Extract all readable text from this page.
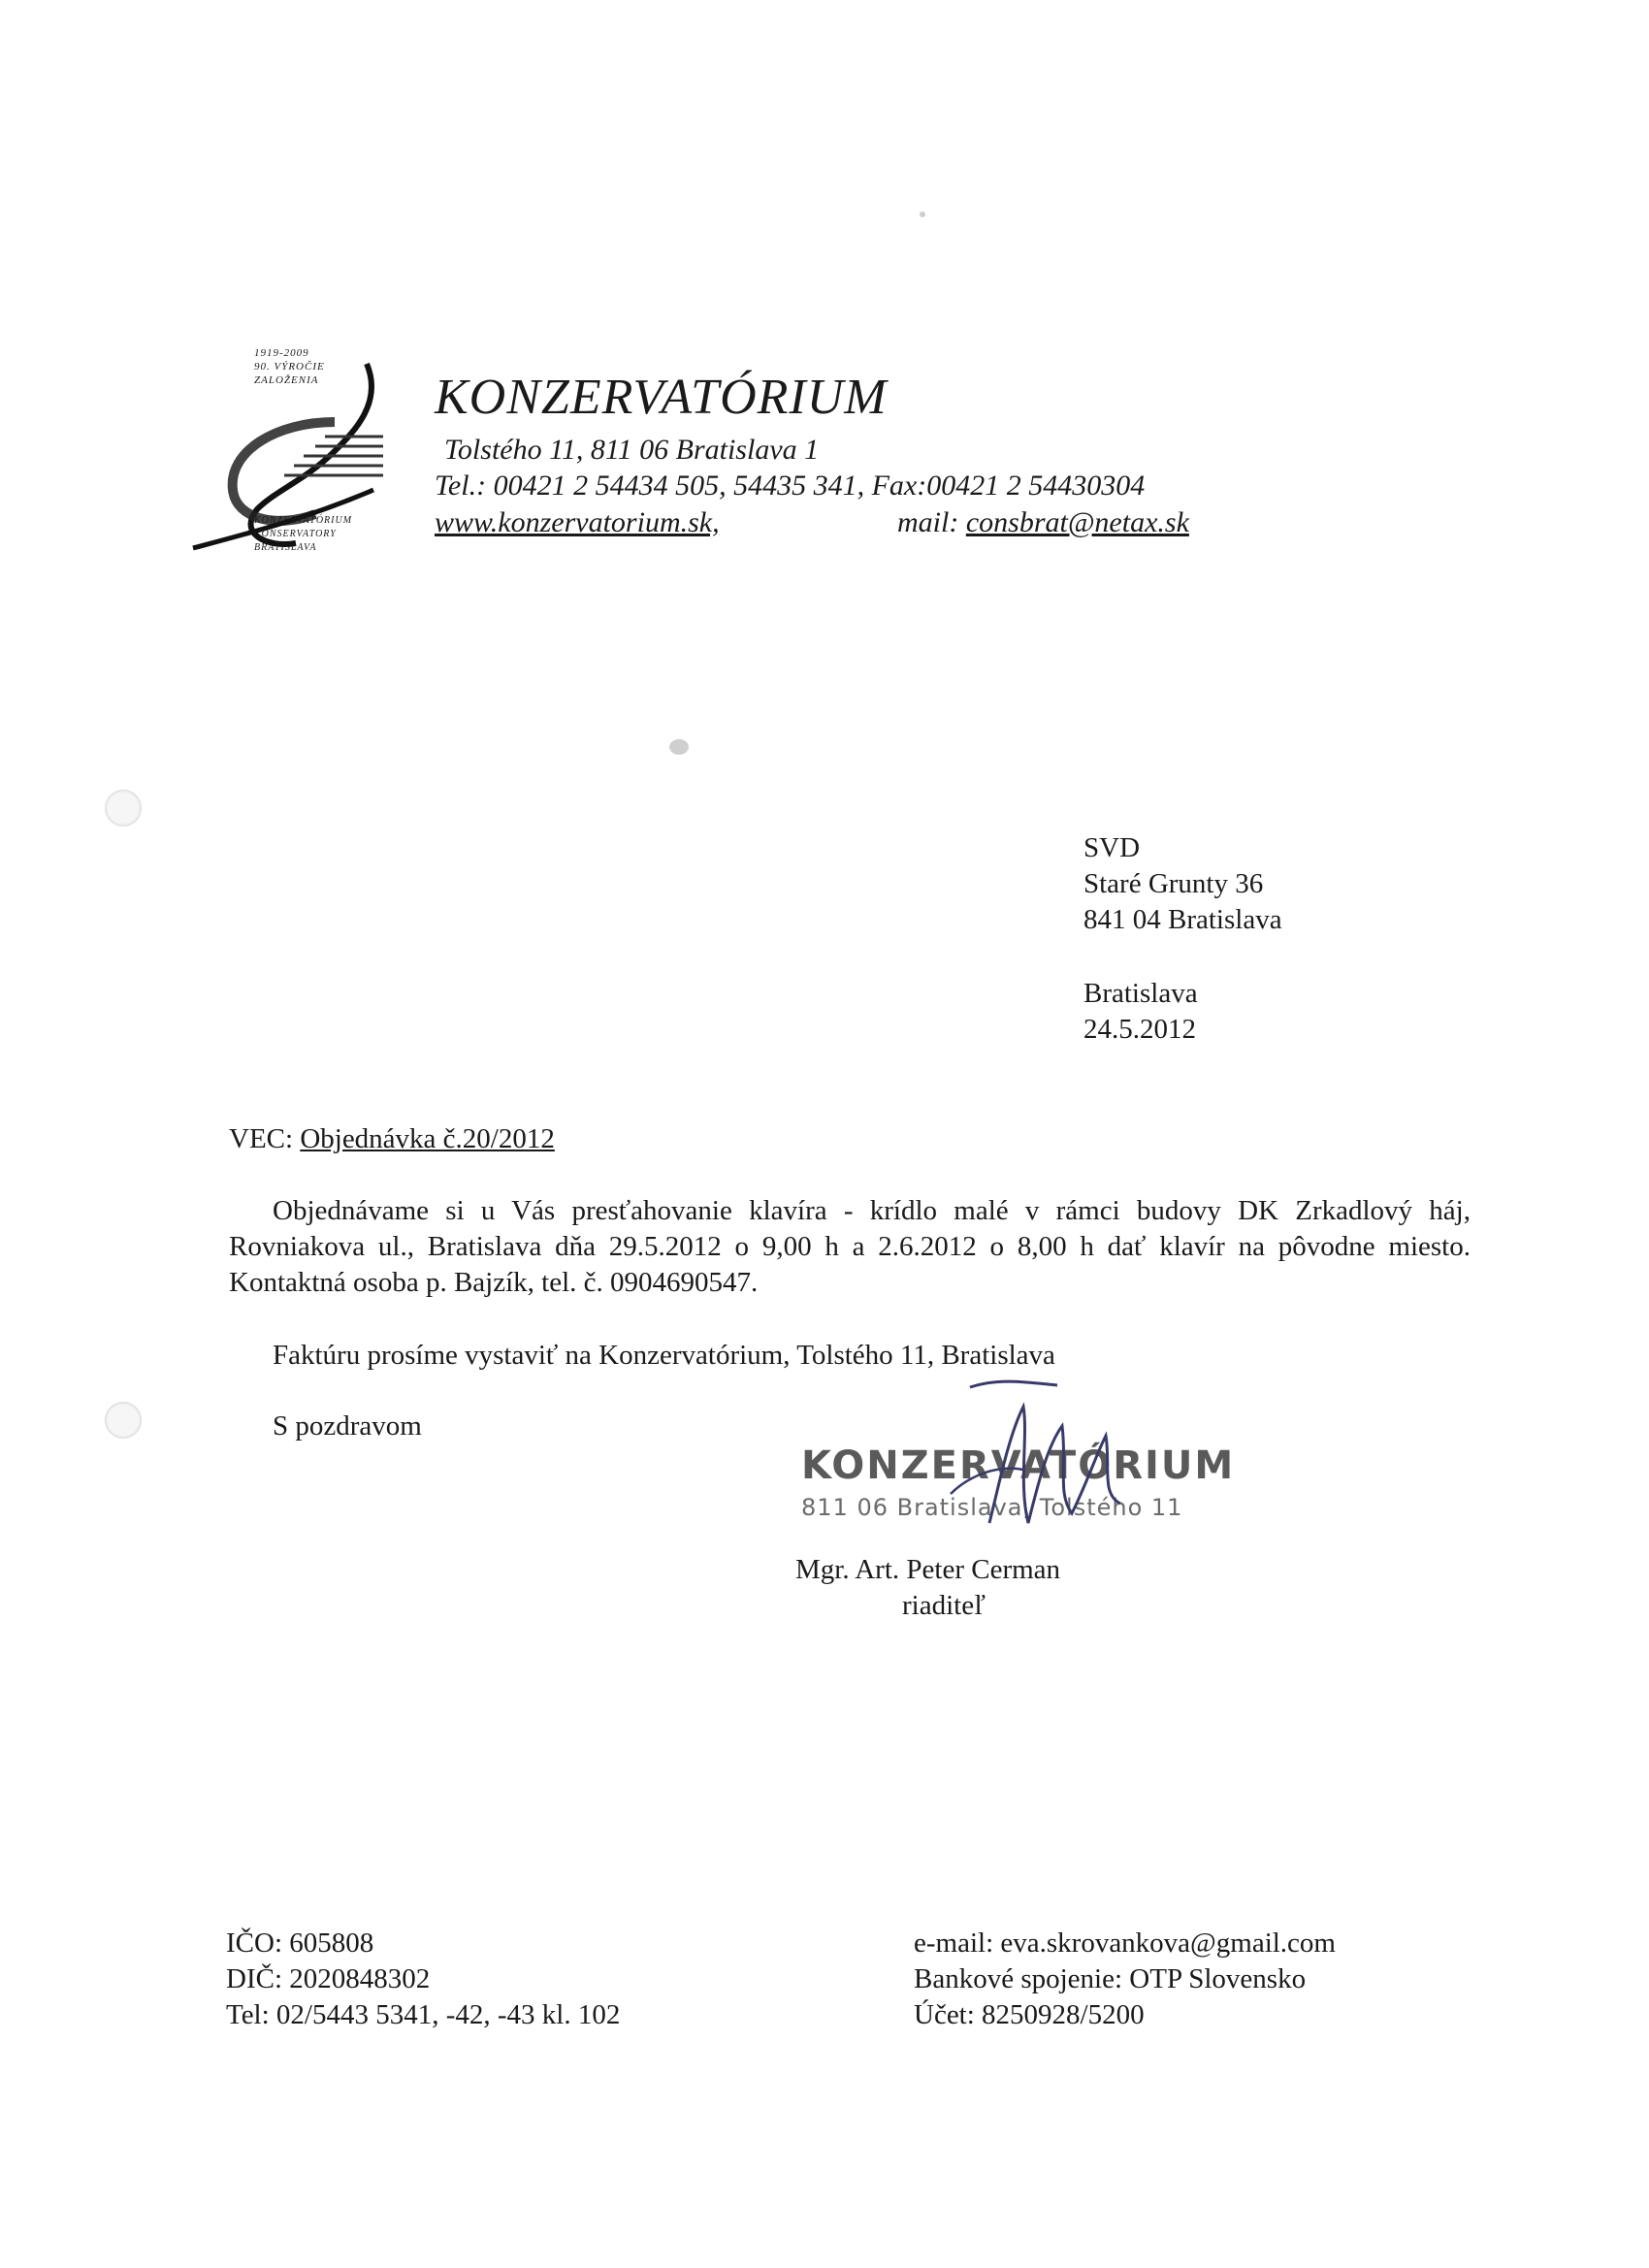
1919-2009
90. VÝROČIE
ZALOŽENIA
KONZERVATÓRIUM
CONSERVATORY
BRATISLAVA
KONZERVATÓRIUM
Tolstého 11, 811 06 Bratislava 1
Tel.: 00421 2 54434 505, 54435 341, Fax:00421 2 54430304
www.konzervatorium.sk,	mail: consbrat@netax.sk
SVD
Staré Grunty 36
841 04 Bratislava
Bratislava
24.5.2012
VEC: Objednávka č.20/2012
Objednávame si u Vás presťahovanie klavíra - krídlo malé v rámci budovy DK Zrkadlový háj, Rovniakova ul., Bratislava dňa 29.5.2012 o 9,00 h a 2.6.2012 o 8,00 h dať klavír na pôvodne miesto. Kontaktná osoba p. Bajzík, tel. č. 0904690547.
Faktúru prosíme vystaviť na Konzervatórium, Tolstého 11, Bratislava
S pozdravom
KONZERVATÓRIUM
811 06 Bratislava, Tolstého 11
Mgr. Art. Peter Cerman
riaditeľ
IČO: 605808
DIČ: 2020848302
Tel: 02/5443 5341, -42, -43 kl. 102
e-mail: eva.skrovankova@gmail.com
Bankové spojenie: OTP Slovensko
Účet: 8250928/5200
